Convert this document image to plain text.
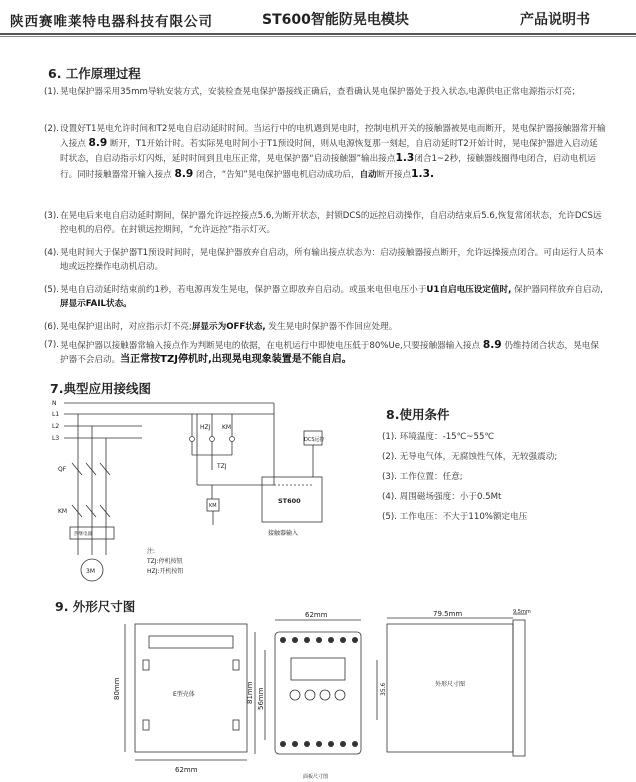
陕西赛唯莱特电器科技有限公司	ST600智能防晃电模块	产品说明书
6. 工作原理过程
(1). 晃电保护器采用35mm导轨安装方式，安装检查晃电保护器接线正确后，查看确认晃电保护器处于投入状态,电源供电正常电源指示灯亮；
(2). 设置好T1晃电允许时间和T2晃电自启动延时时间。当运行中的电机遇到晃电时，控制电机开关的接触器被晃电而断开，晃电保护器接触器常开输入接点 8.9 断开，T1开始计时。若实际晃电时间小于T1预设时间，则从电源恢复那一刻起，自启动延时T2开始计时，晃电保护器进入启动延时状态，自启动指示灯闪烁，延时时间到且电压正常，晃电保护器“启动接触器”输出接点1.3闭合1~2秒，接触器线圈得电闭合，启动电机运行。同时接触器常开输入接点 8.9 闭合，“告知”晃电保护器电机启动成功后，自动断开接点1.3.
(3). 在晃电后来电自启动延时期间，保护器允许远控接点5.6,为断开状态，封锁DCS的远控启动操作，自启动结束后5.6,恢复常闭状态，允许DCS远控电机的启停。在封锁远控期间，“允许远控”指示灯灭。
(4). 晃电时间大于保护器T1预设时间时，晃电保护器放弃自启动，所有输出接点状态为：启动接触器接点断开，允许远操接点闭合。可由运行人员本地或远控操作电动机启动。
(5). 晃电自启动延时结束前约1秒，若电源再发生晃电，保护器立即放弃自启动。或虽来电但电压小于U1自启电压设定值时, 保护器同样放弃自启动,屏显示FAIL状态。
(6). 晃电保护退出时，对应指示灯不亮;屏显示为OFF状态, 发生晃电时保护器不作回应处理。
(7). 晃电保护器以接触器常输入接点作为判断晃电的依据，在电机运行中即使电压低于80%Ue,只要接触器输入接点 8.9 仍维持闭合状态，晃电保护器不会启动。当正常按TZJ停机时,出现晃电现象装置是不能自启。
7.典型应用接线图
N
L1
L2
L3
QF
KM
热继电器
3M
HZJ KM
TZJ
KM
DCS远控
ST600
接触器输入
注:
TZJ:停机按钮
HZJ:开机按钮
8.使用条件
(1). 环境温度：-15℃~55℃
(2). 无导电气体，无腐蚀性气体，无较强震动;
(3). 工作位置：任意;
(4). 周围磁场强度：小于0.5Mt
(5). 工作电压：不大于110%额定电压
9. 外形尺寸图
62mm
62mm
80mm	56mm
81mm
79.5mm	9.5mm
35.6
E型壳体
面板尺寸图
外形尺寸图
